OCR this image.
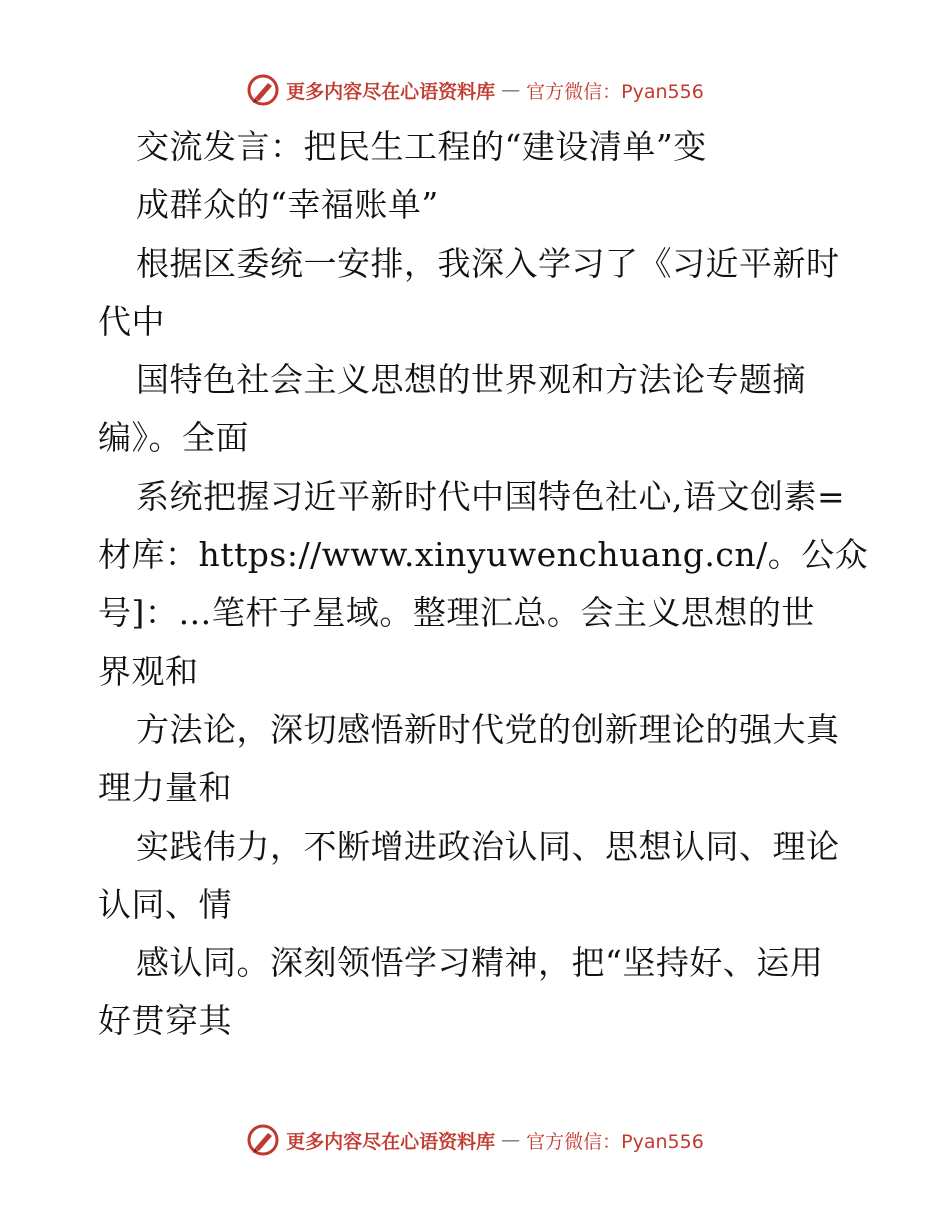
更多内容尽在心语资料库 — 官方微信：Pyan556
交流发言：把民生工程的“建设清单”变
成群众的“幸福账单”
根据区委统一安排，我深入学习了《习近平新时
代中
国特色社会主义思想的世界观和方法论专题摘
编》。全面
系统把握习近平新时代中国特色社心,语文创素=
材库：https://www.xinyuwenchuang.cn/。公众
号]：…笔杆子星域。整理汇总。会主义思想的世
界观和
方法论，深切感悟新时代党的创新理论的强大真
理力量和
实践伟力，不断增进政治认同、思想认同、理论
认同、情
感认同。深刻领悟学习精神，把“坚持好、运用
好贯穿其
更多内容尽在心语资料库 — 官方微信：Pyan556
